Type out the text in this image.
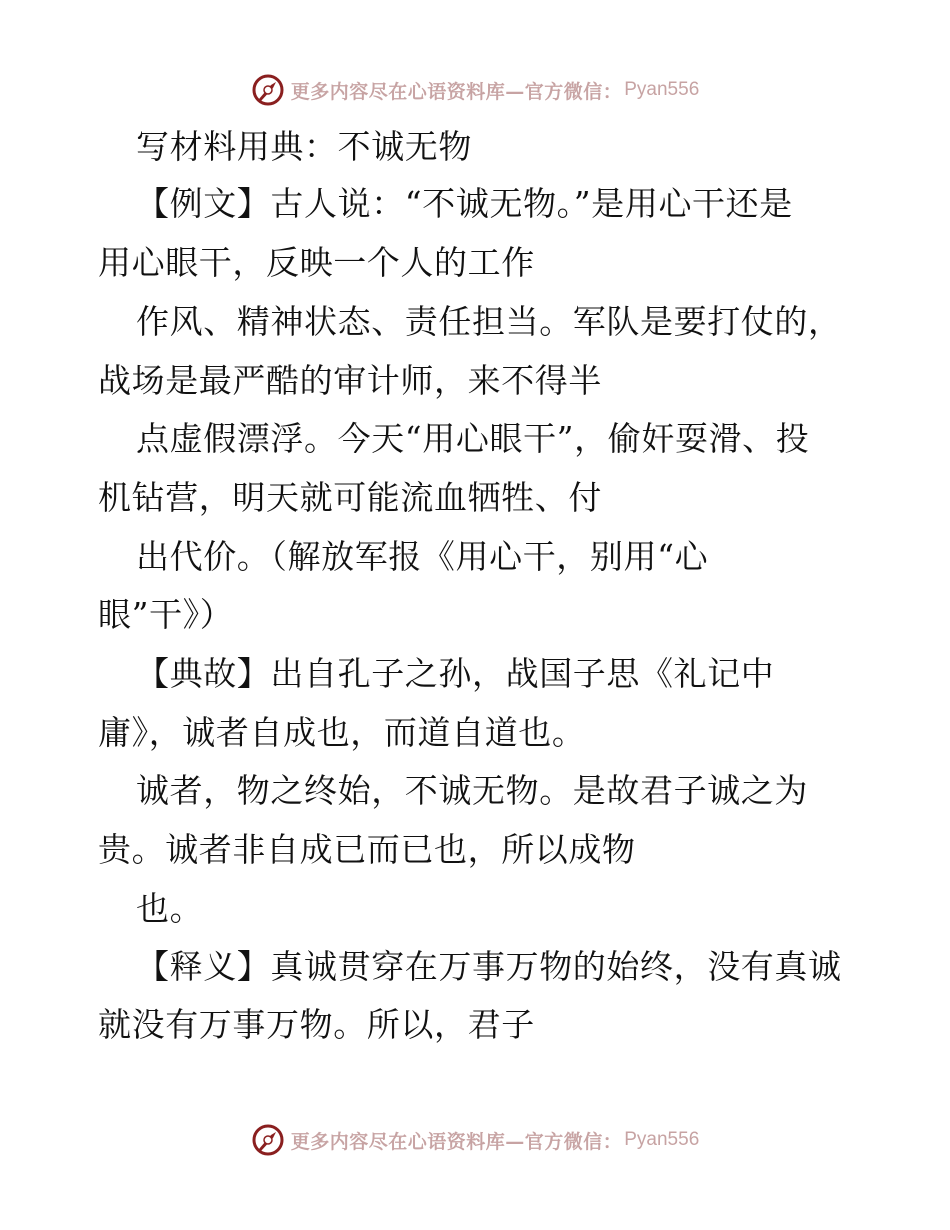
更多内容尽在心语资料库—官方微信： Pyan556
写材料用典：不诚无物
【例文】古人说：“不诚无物。”是用心干还是
用心眼干，反映一个人的工作
作风、精神状态、责任担当。军队是要打仗的，
战场是最严酷的审计师，来不得半
点虚假漂浮。今天“用心眼干”，偷奸耍滑、投
机钻营，明天就可能流血牺牲、付
出代价。（解放军报《用心干，别用“心
眼”干》）
【典故】出自孔子之孙，战国子思《礼记中
庸》，诚者自成也，而道自道也。
诚者，物之终始，不诚无物。是故君子诚之为
贵。诚者非自成已而已也，所以成物
也。
【释义】真诚贯穿在万事万物的始终，没有真诚
就没有万事万物。所以，君子
更多内容尽在心语资料库—官方微信： Pyan556
